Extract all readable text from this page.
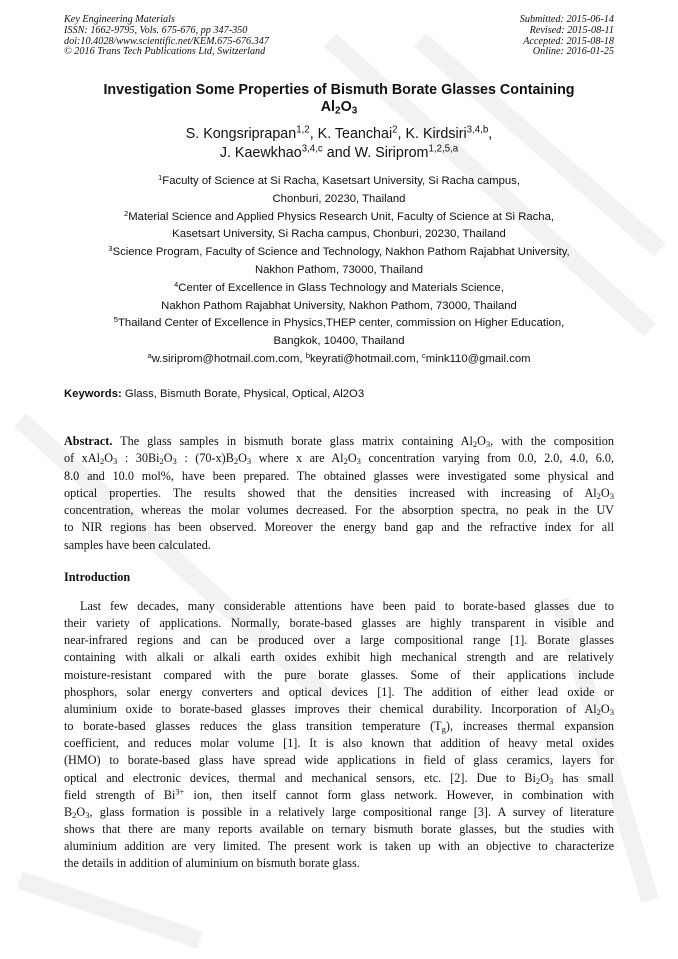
Key Engineering Materials
ISSN: 1662-9795, Vols. 675-676, pp 347-350
doi:10.4028/www.scientific.net/KEM.675-676.347
© 2016 Trans Tech Publications Ltd, Switzerland
Submitted: 2015-06-14
Revised: 2015-08-11
Accepted: 2015-08-18
Online: 2016-01-25
Investigation Some Properties of Bismuth Borate Glasses Containing
$Al_2O_3$
S. Kongsriprapan$^{1,2}$, K. Teanchai$^2$, K. Kirdsiri$^{3,4,b}$,
J. Kaewkhao$^{3,4,c}$ and W. Siriprom$^{1,2,5,a}$
$^1$Faculty of Science at Si Racha, Kasetsart University, Si Racha campus,
Chonburi, 20230, Thailand
$^2$Material Science and Applied Physics Research Unit, Faculty of Science at Si Racha,
Kasetsart University, Si Racha campus, Chonburi, 20230, Thailand
$^3$Science Program, Faculty of Science and Technology, Nakhon Pathom Rajabhat University,
Nakhon Pathom, 73000, Thailand
$^4$Center of Excellence in Glass Technology and Materials Science,
Nakhon Pathom Rajabhat University, Nakhon Pathom, 73000, Thailand
$^5$Thailand Center of Excellence in Physics,THEP center, commission on Higher Education,
Bangkok, 10400, Thailand
$^a$w.siriprom@hotmail.com.com, $^b$keyrati@hotmail.com, $^c$mink110@gmail.com
Keywords: Glass, Bismuth Borate, Physical, Optical, Al2O3
Abstract. The glass samples in bismuth borate glass matrix containing $Al_2O_3$, with the composition
of $xAl_2O_3$ : $30Bi_2O_3$ : $(70-x)B_2O_3$ where x are $Al_2O_3$ concentration varying from 0.0, 2.0, 4.0, 6.0,
8.0 and 10.0 mol%, have been prepared. The obtained glasses were investigated some physical and
optical properties. The results showed that the densities increased with increasing of $Al_2O_3$
concentration, whereas the molar volumes decreased. For the absorption spectra, no peak in the UV
to NIR regions has been observed. Moreover the energy band gap and the refractive index for all
samples have been calculated.
Introduction
Last few decades, many considerable attentions have been paid to borate-based glasses due to
their variety of applications. Normally, borate-based glasses are highly transparent in visible and
near-infrared regions and can be produced over a large compositional range [1]. Borate glasses
containing with alkali or alkali earth oxides exhibit high mechanical strength and are relatively
moisture-resistant compared with the pure borate glasses. Some of their applications include
phosphors, solar energy converters and optical devices [1]. The addition of either lead oxide or
aluminium oxide to borate-based glasses improves their chemical durability. Incorporation of $Al_2O_3$
to borate-based glasses reduces the glass transition temperature $(T_g)$, increases thermal expansion
coefficient, and reduces molar volume [1]. It is also known that addition of heavy metal oxides
(HMO) to borate-based glass have spread wide applications in field of glass ceramics, layers for
optical and electronic devices, thermal and mechanical sensors, etc. [2]. Due to $Bi_2O_3$ has small
field strength of $Bi^{3+}$ ion, then itself cannot form glass network. However, in combination with
$B_2O_3$, glass formation is possible in a relatively large compositional range [3]. A survey of literature
shows that there are many reports available on ternary bismuth borate glasses, but the studies with
aluminium addition are very limited. The present work is taken up with an objective to characterize
the details in addition of aluminium on bismuth borate glass.
